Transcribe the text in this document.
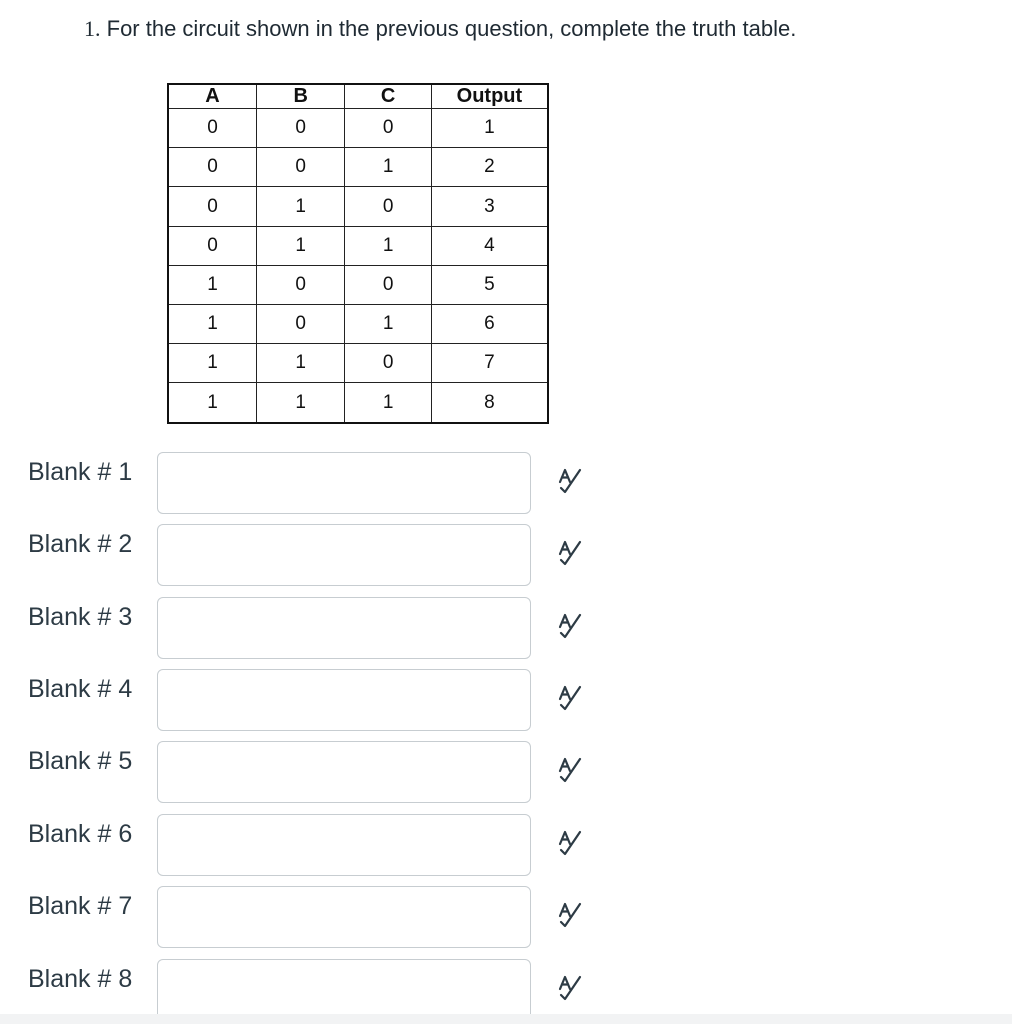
1. For the circuit shown in the previous question, complete the truth table.
A	B	C	Output
0	0	0	1
0	0	1	2
0	1	0	3
0	1	1	4
1	0	0	5
1	0	1	6
1	1	0	7
1	1	1	8
Blank # 1
Blank # 2
Blank # 3
Blank # 4
Blank # 5
Blank # 6
Blank # 7
Blank # 8
